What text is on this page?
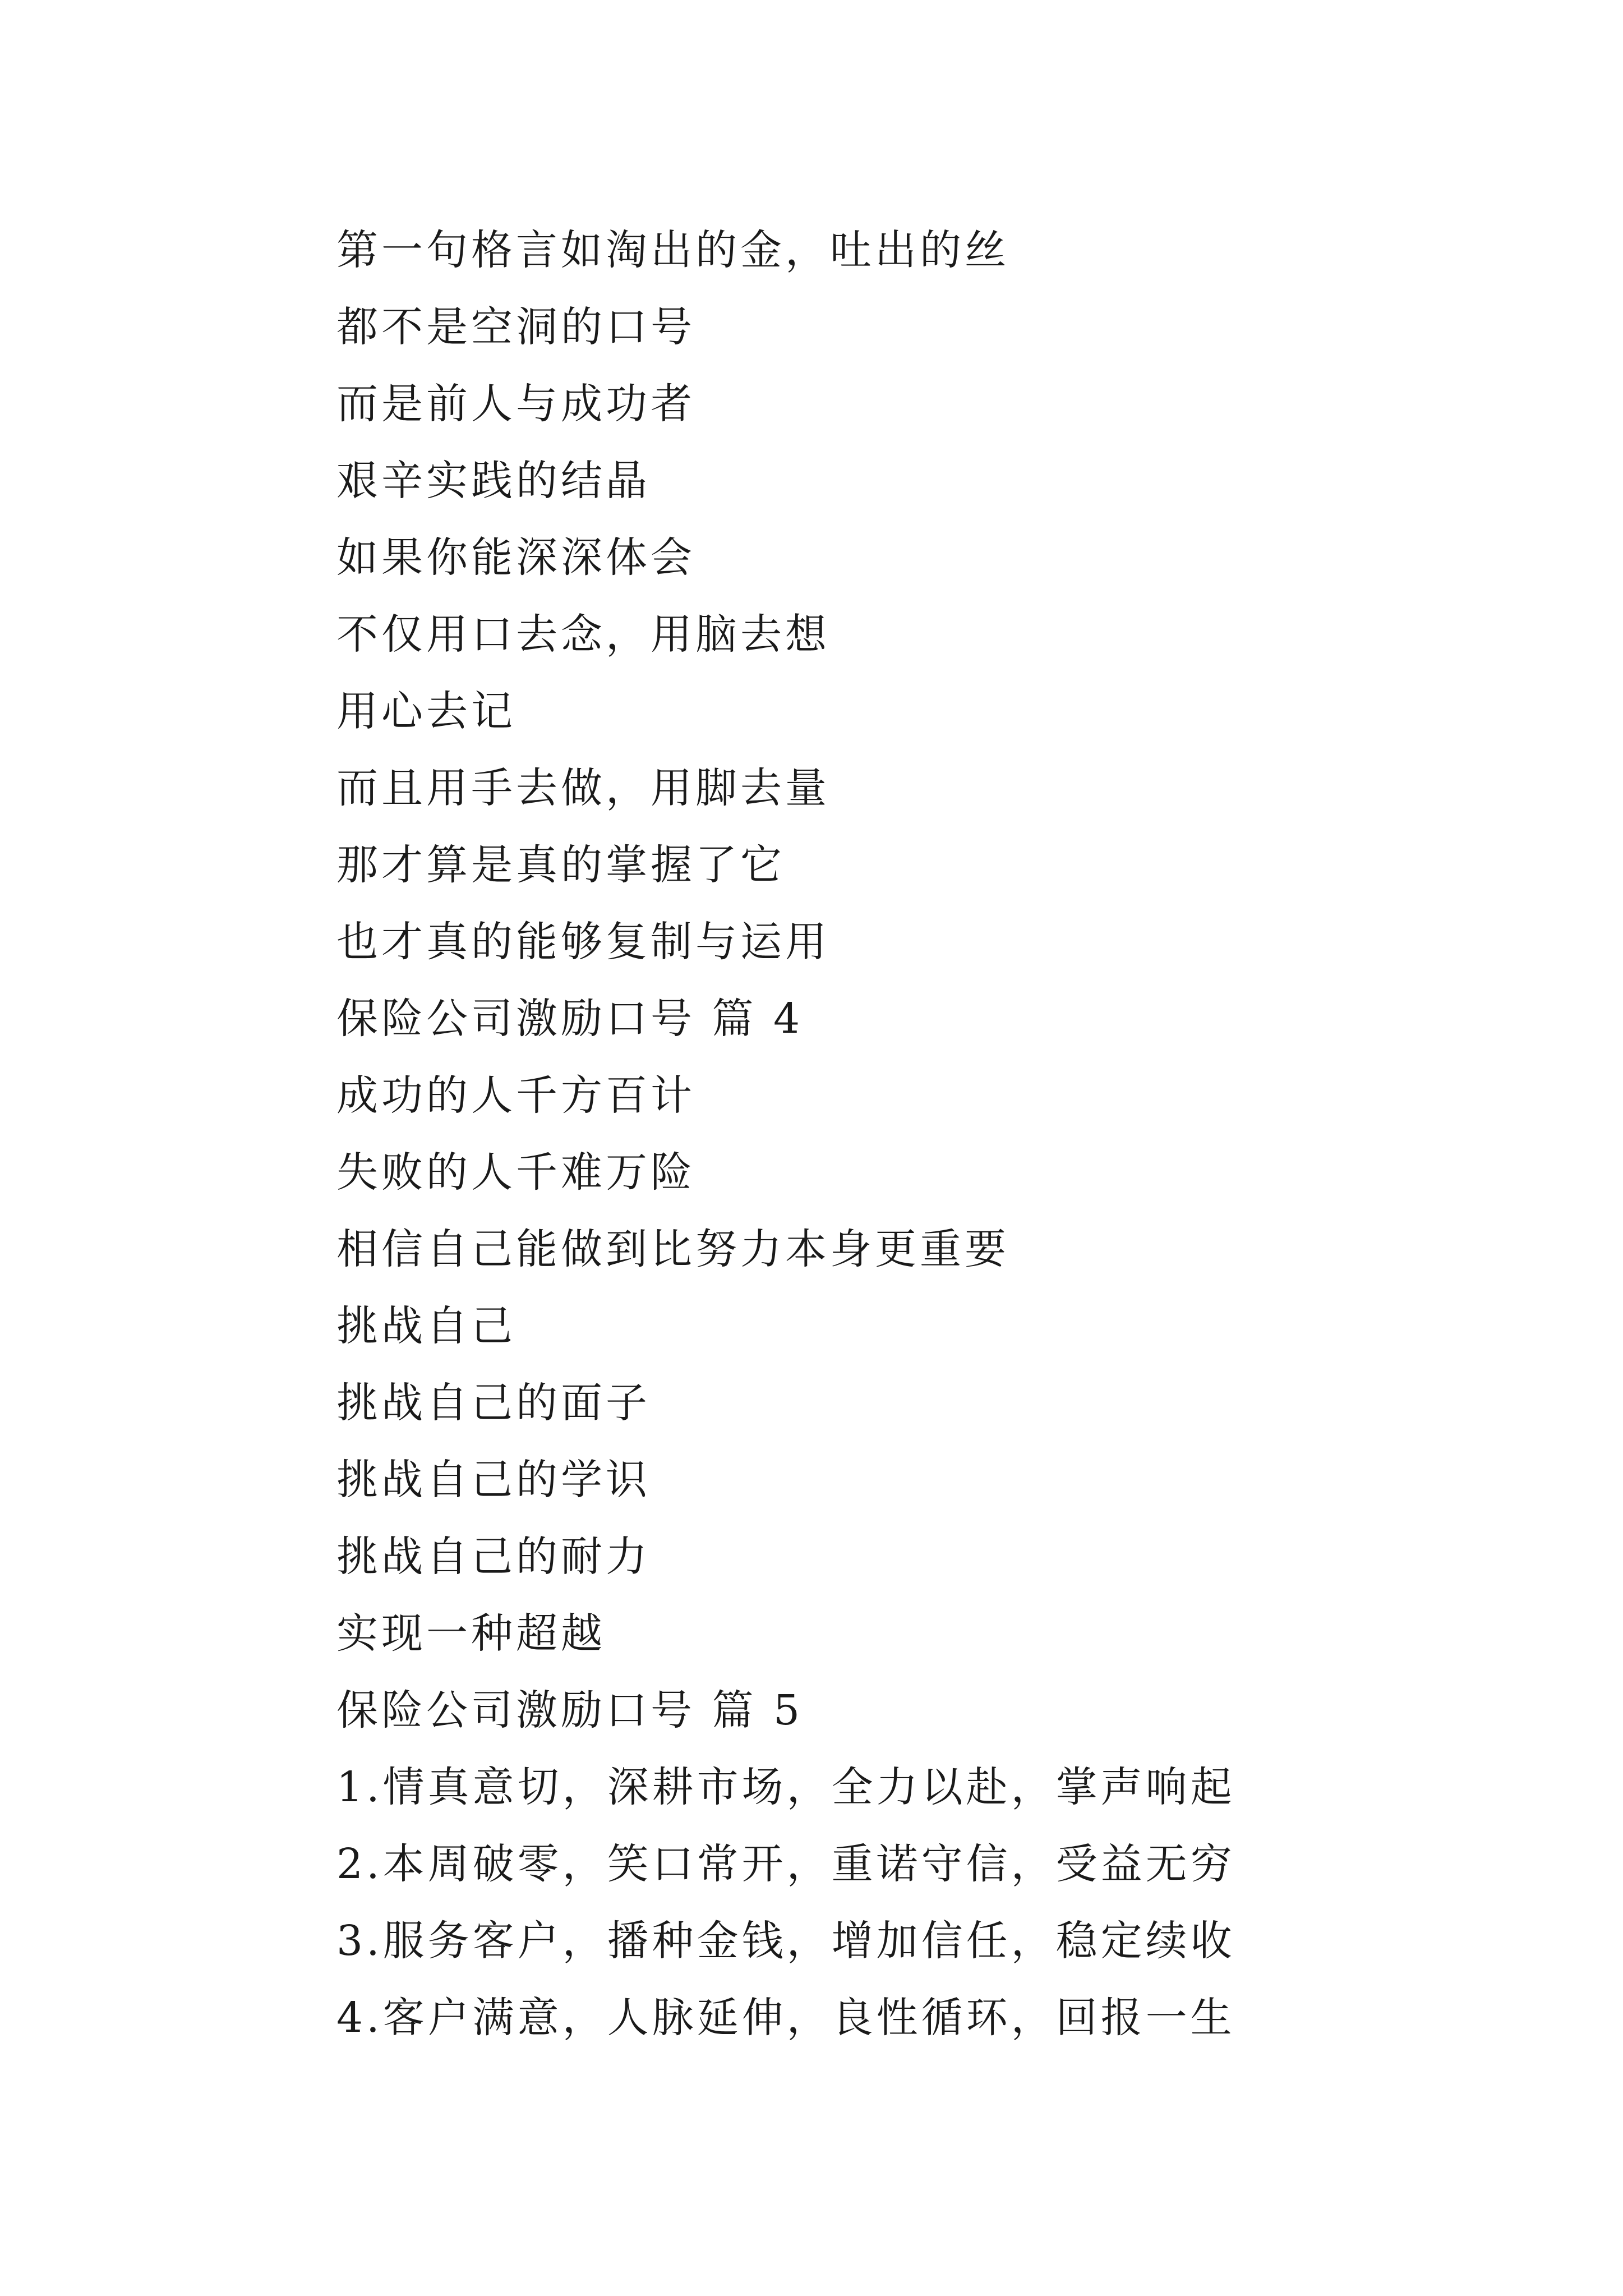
第一句格言如淘出的金，吐出的丝
都不是空洞的口号
而是前人与成功者
艰辛实践的结晶
如果你能深深体会
不仅用口去念，用脑去想
用心去记
而且用手去做，用脚去量
那才算是真的掌握了它
也才真的能够复制与运用
保险公司激励口号 篇 4
成功的人千方百计
失败的人千难万险
相信自己能做到比努力本身更重要
挑战自己
挑战自己的面子
挑战自己的学识
挑战自己的耐力
实现一种超越
保险公司激励口号 篇 5
1.情真意切，深耕市场，全力以赴，掌声响起
2.本周破零，笑口常开，重诺守信，受益无穷
3.服务客户，播种金钱，增加信任，稳定续收
4.客户满意，人脉延伸，良性循环，回报一生
